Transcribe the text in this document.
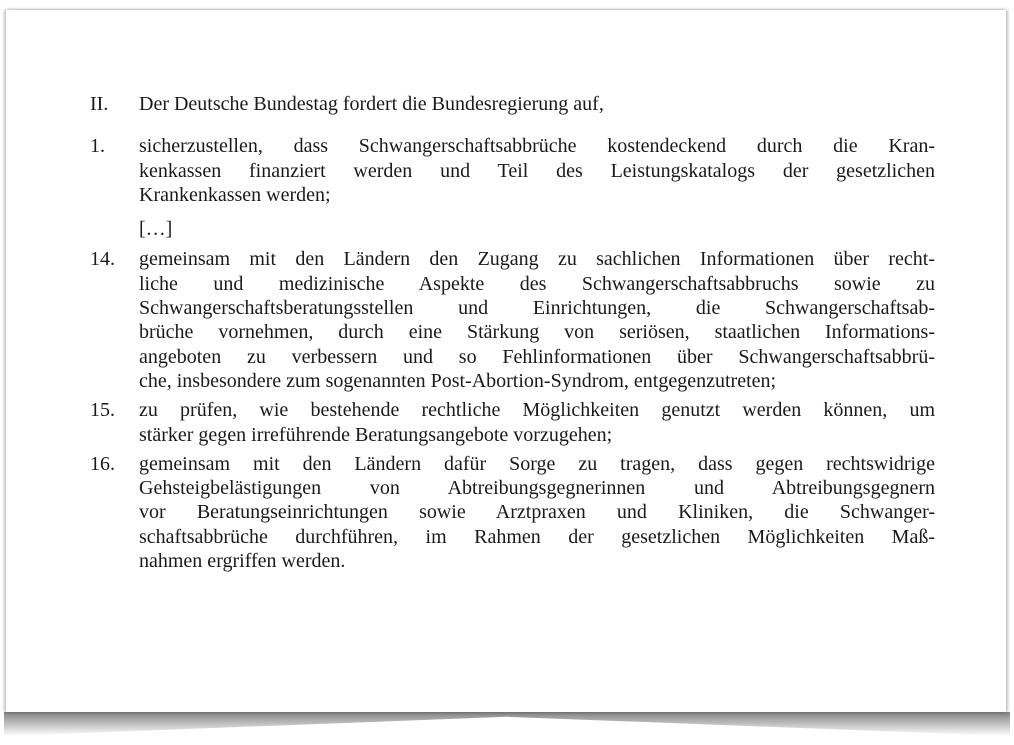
II.	Der Deutsche Bundestag fordert die Bundesregierung auf,
1.	sicherzustellen, dass Schwangerschaftsabbrüche kostendeckend durch die Kran-
kenkassen finanziert werden und Teil des Leistungskatalogs der gesetzlichen
Krankenkassen werden;
[…]
14.	gemeinsam mit den Ländern den Zugang zu sachlichen Informationen über recht-
liche und medizinische Aspekte des Schwangerschaftsabbruchs sowie zu
Schwangerschaftsberatungsstellen und Einrichtungen, die Schwangerschaftsab-
brüche vornehmen, durch eine Stärkung von seriösen, staatlichen Informations-
angeboten zu verbessern und so Fehlinformationen über Schwangerschaftsabbrü-
che, insbesondere zum sogenannten Post-Abortion-Syndrom, entgegenzutreten;
15.	zu prüfen, wie bestehende rechtliche Möglichkeiten genutzt werden können, um
stärker gegen irreführende Beratungsangebote vorzugehen;
16.	gemeinsam mit den Ländern dafür Sorge zu tragen, dass gegen rechtswidrige
Gehsteigbelästigungen von Abtreibungsgegnerinnen und Abtreibungsgegnern
vor Beratungseinrichtungen sowie Arztpraxen und Kliniken, die Schwanger-
schaftsabbrüche durchführen, im Rahmen der gesetzlichen Möglichkeiten Maß-
nahmen ergriffen werden.
